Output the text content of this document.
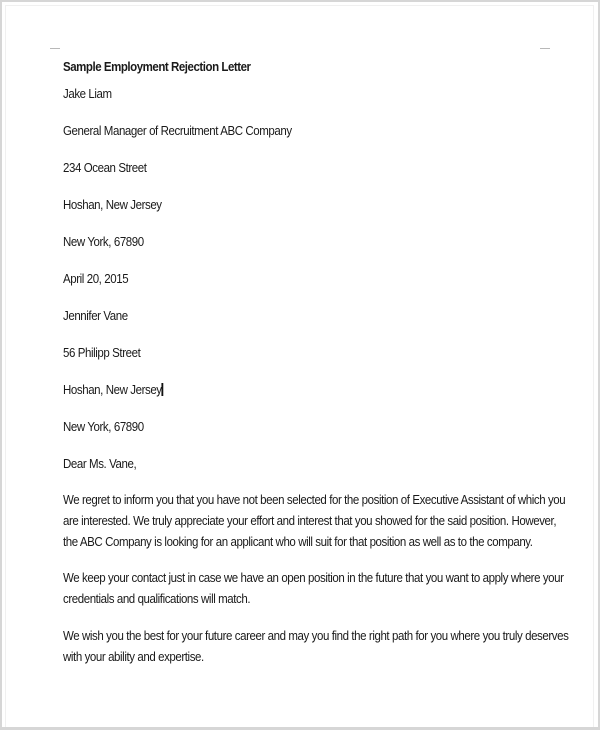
Sample Employment Rejection Letter
Jake Liam
General Manager of Recruitment ABC Company
234 Ocean Street
Hoshan, New Jersey
New York, 67890
April 20, 2015
Jennifer Vane
56 Philipp Street
Hoshan, New Jersey
New York, 67890
Dear Ms. Vane,
We regret to inform you that you have not been selected for the position of Executive Assistant of which you
are interested. We truly appreciate your effort and interest that you showed for the said position. However,
the ABC Company is looking for an applicant who will suit for that position as well as to the company.
We keep your contact just in case we have an open position in the future that you want to apply where your
credentials and qualifications will match.
We wish you the best for your future career and may you find the right path for you where you truly deserves
with your ability and expertise.
